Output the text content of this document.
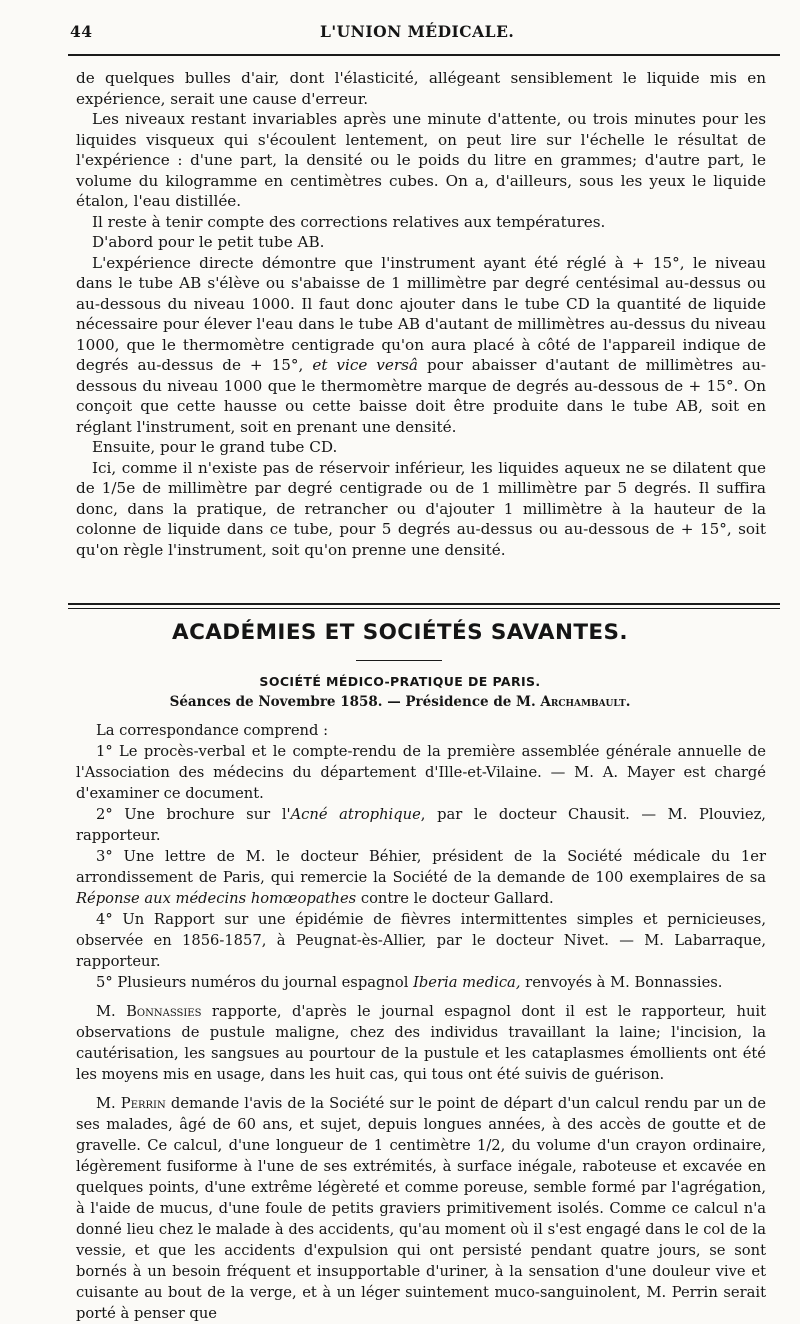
44	L'UNION MÉDICALE.

de quelques bulles d'air, dont l'élasticité, allégeant sensiblement le liquide mis en expérience, serait une cause d'erreur.

Les niveaux restant invariables après une minute d'attente, ou trois minutes pour les liquides visqueux qui s'écoulent lentement, on peut lire sur l'échelle le résultat de l'expérience : d'une part, la densité ou le poids du litre en grammes; d'autre part, le volume du kilogramme en centimètres cubes. On a, d'ailleurs, sous les yeux le liquide étalon, l'eau distillée.

Il reste à tenir compte des corrections relatives aux températures.

D'abord pour le petit tube AB.

L'expérience directe démontre que l'instrument ayant été réglé à + 15°, le niveau dans le tube AB s'élève ou s'abaisse de 1 millimètre par degré centésimal au-dessus ou au-dessous du niveau 1000. Il faut donc ajouter dans le tube CD la quantité de liquide nécessaire pour élever l'eau dans le tube AB d'autant de millimètres au-dessus du niveau 1000, que le thermomètre centigrade qu'on aura placé à côté de l'appareil indique de degrés au-dessus de + 15°, et vice versâ pour abaisser d'autant de millimètres au-dessous du niveau 1000 que le thermomètre marque de degrés au-dessous de + 15°. On conçoit que cette hausse ou cette baisse doit être produite dans le tube AB, soit en réglant l'instrument, soit en prenant une densité.

Ensuite, pour le grand tube CD.

Ici, comme il n'existe pas de réservoir inférieur, les liquides aqueux ne se dilatent que de 1/5e de millimètre par degré centigrade ou de 1 millimètre par 5 degrés. Il suffira donc, dans la pratique, de retrancher ou d'ajouter 1 millimètre à la hauteur de la colonne de liquide dans ce tube, pour 5 degrés au-dessus ou au-dessous de + 15°, soit qu'on règle l'instrument, soit qu'on prenne une densité.

ACADÉMIES ET SOCIÉTÉS SAVANTES.
SOCIÉTÉ MÉDICO-PRATIQUE DE PARIS.
Séances de Novembre 1858. — Présidence de M. Archambault.

La correspondance comprend :

1° Le procès-verbal et le compte-rendu de la première assemblée générale annuelle de l'Association des médecins du département d'Ille-et-Vilaine. — M. A. Mayer est chargé d'examiner ce document.

2° Une brochure sur l'Acné atrophique, par le docteur Chausit. — M. Plouviez, rapporteur.

3° Une lettre de M. le docteur Béhier, président de la Société médicale du 1er arrondissement de Paris, qui remercie la Société de la demande de 100 exemplaires de sa Réponse aux médecins homœopathes contre le docteur Gallard.

4° Un Rapport sur une épidémie de fièvres intermittentes simples et pernicieuses, observée en 1856-1857, à Peugnat-ès-Allier, par le docteur Nivet. — M. Labarraque, rapporteur.

5° Plusieurs numéros du journal espagnol Iberia medica, renvoyés à M. Bonnassies.

M. Bonnassies rapporte, d'après le journal espagnol dont il est le rapporteur, huit observations de pustule maligne, chez des individus travaillant la laine; l'incision, la cautérisation, les sangsues au pourtour de la pustule et les cataplasmes émollients ont été les moyens mis en usage, dans les huit cas, qui tous ont été suivis de guérison.

M. Perrin demande l'avis de la Société sur le point de départ d'un calcul rendu par un de ses malades, âgé de 60 ans, et sujet, depuis longues années, à des accès de goutte et de gravelle. Ce calcul, d'une longueur de 1 centimètre 1/2, du volume d'un crayon ordinaire, légèrement fusiforme à l'une de ses extrémités, à surface inégale, raboteuse et excavée en quelques points, d'une extrême légèreté et comme poreuse, semble formé par l'agrégation, à l'aide de mucus, d'une foule de petits graviers primitivement isolés. Comme ce calcul n'a donné lieu chez le malade à des accidents, qu'au moment où il s'est engagé dans le col de la vessie, et que les accidents d'expulsion qui ont persisté pendant quatre jours, se sont bornés à un besoin fréquent et insupportable d'uriner, à la sensation d'une douleur vive et cuisante au bout de la verge, et à un léger suintement muco-sanguinolent, M. Perrin serait porté à penser que
